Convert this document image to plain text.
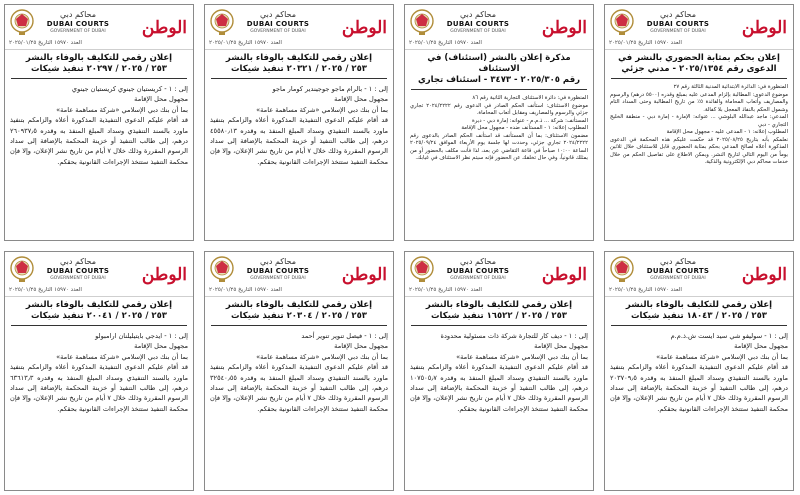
محاكم دبي
DUBAI COURTS
GOVERNMENT OF DUBAI	الوطن
العدد ١٥٩٧٠ التاريخ ٢٠٢٥/٠١/٢٥
إعلان بحكم بمثابة الحضوري بالنشر في
الدعوى رقم ٢٠٢٥/١٣٥٤ - مدني جزئي

المنظورة في: الدائرة الابتدائية المدنية الثالثة رقم ٢٧

موضوع الدعوى: المطالبة بإلزام المدعى عليه بمبلغ وقدره (٥٥٠٠ درهم) والرسوم والمصاريف وأتعاب المحاماة والفائدة ٥٪ من تاريخ المطالبة وحتى السداد التام وشمول الحكم بالنفاذ المعجل بلا كفالة.

المدعي: ماجد عبدالله البلوشي ... عنوانه: الإمارة - إمارة دبي - منطقة الخليج التجاري - دبي

المطلوب إعلانه: ١ - المدعى عليه - مجهول محل الإقامة

نعلمكم بأنه بتاريخ ٢٠٢٥/٠٨/٢٥ قد حكمت عليكم هذه المحكمة في الدعوى المذكورة أعلاه لصالح المدعي بحكم بمثابة الحضوري قابل للاستئناف خلال ثلاثين يوماً من اليوم التالي لتاريخ النشر. ويمكن الاطلاع على تفاصيل الحكم من خلال خدمات محاكم دبي الإلكترونية والذكية.

محاكم دبي
DUBAI COURTS
GOVERNMENT OF DUBAI	الوطن
العدد ١٥٩٧٠ التاريخ ٢٠٢٥/٠١/٢٥
مذكرة إعلان بالنشر (استئناف) في الاستئناف
رقم ٢٠٢٥/٣٠٥ - ٣٤٧٣ - استئناف تجاري

المنظورة في: دائرة الاستئناف التجارية الثانية رقم ٨٦

موضوع الاستئناف: استأنف الحكم الصادر في الدعوى رقم ٢٠٢٤/٢٢٢٢ تجاري جزئي والرسوم والمصاريف ومقابل أتعاب المحاماة.

المستأنف: شركة ... ذ.م.م - عنوانه: إمارة دبي - ديرة

المطلوب إعلانه: ١ - المستأنف ضده - مجهول محل الإقامة

مضمون الاستئناف: بما أن المستأنف قد استأنف الحكم الصادر بالدعوى رقم ٢٠٢٤/٢٢٢٢ تجاري جزئي، وحددت لها جلسة يوم الأربعاء الموافق ٢٠٢٥/٠٩/٢٤ الساعة ١٠:٠٠ صباحاً في قاعة التقاضي عن بعد، لذا فأنت مكلف بالحضور أو من يمثلك قانونياً، وفي حال تخلفك عن الحضور فإنه سيتم نظر الاستئناف في غيابك.

محاكم دبي
DUBAI COURTS
GOVERNMENT OF DUBAI	الوطن
العدد ١٥٩٧٠ التاريخ ٢٠٢٥/٠١/٢٥
إعلان رقمي للتكليف بالوفاء بالنشر
٢٥٣ / ٢٠٢٥ / ٢٠٣٢١ تنفيذ شيكات

إلى : ١ - بالرام ماجو جوجيندير كومار ماجو

مجهول محل الإقامة

بما أن بنك دبي الإسلامي «شركة مساهمة عامة»

قد أقام عليكم الدعوى التنفيذية المذكورة أعلاه والزامكم بتنفيذ ماورد بالسند التنفيذي وسداد المبلغ المنفذ به وقدره ٤٥٥٨٠٫١٣ درهم، إلى طالب التنفيذ أو خزينة المحكمة بالإضافة إلى سداد الرسوم المقررة وذلك خلال ٧ أيام من تاريخ نشر الإعلان، وإلا فإن محكمة التنفيذ ستتخذ الإجراءات القانونية بحقكم.

محاكم دبي
DUBAI COURTS
GOVERNMENT OF DUBAI	الوطن
العدد ١٥٩٧٠ التاريخ ٢٠٢٥/٠١/٢٥
إعلان رقمي للتكليف بالوفاء بالنشر
٢٥٣ / ٢٠٢٥ / ٢٠٢٩٧ تنفيذ شيكات

إلى : ١ - كريستيان جينوي كريستيان جينوي

مجهول محل الإقامة

بما أن بنك دبي الإسلامي «شركة مساهمة عامة»

قد أقام عليكم الدعوى التنفيذية المذكورة أعلاه والزامكم بتنفيذ ماورد بالسند التنفيذي وسداد المبلغ المنفذ به وقدره ٢٦٠٩٣٧٫٥ درهم، إلى طالب التنفيذ أو خزينة المحكمة بالإضافة إلى سداد الرسوم المقررة وذلك خلال ٧ أيام من تاريخ نشر الإعلان، وإلا فإن محكمة التنفيذ ستتخذ الإجراءات القانونية بحقكم.

محاكم دبي
DUBAI COURTS
GOVERNMENT OF DUBAI	الوطن
العدد ١٥٩٧٠ التاريخ ٢٠٢٥/٠١/٢٥
إعلان رقمي للتكليف بالوفاء بالنشر
٢٥٣ / ٢٠٢٥ / ١٨٠٤٣ تنفيذ شيكات

إلى : ١ - سوليفو شي سيد ايست ش.ذ.م.م

مجهول محل الإقامة

بما أن بنك دبي الإسلامي «شركة مساهمة عامة»

قد أقام عليكم الدعوى التنفيذية المذكورة أعلاه والزامكم بتنفيذ ماورد بالسند التنفيذي وسداد المبلغ المنفذ به وقدره ٢٠٣٧٠٩٫٥ درهم، إلى طالب التنفيذ أو خزينة المحكمة بالإضافة إلى سداد الرسوم المقررة وذلك خلال ٧ أيام من تاريخ نشر الإعلان، وإلا فإن محكمة التنفيذ ستتخذ الإجراءات القانونية بحقكم.

محاكم دبي
DUBAI COURTS
GOVERNMENT OF DUBAI	الوطن
العدد ١٥٩٧٠ التاريخ ٢٠٢٥/٠١/٢٥
إعلان رقمي للتكليف بالوفاء بالنشر
٢٥٣ / ٢٠٢٥ / ١٦٥٢٢ تنفيذ شيكات

إلى : ١ - ديف كار للتجارة شركة ذات مسئولية محدودة

مجهول محل الإقامة

بما أن بنك دبي الإسلامي «شركة مساهمة عامة»

قد أقام عليكم الدعوى التنفيذية المذكورة أعلاه والزامكم بتنفيذ ماورد بالسند التنفيذي وسداد المبلغ المنفذ به وقدره ١٠٧٥٠٥٫٧ درهم، إلى طالب التنفيذ أو خزينة المحكمة بالإضافة إلى سداد الرسوم المقررة وذلك خلال ٧ أيام من تاريخ نشر الإعلان، وإلا فإن محكمة التنفيذ ستتخذ الإجراءات القانونية بحقكم.

محاكم دبي
DUBAI COURTS
GOVERNMENT OF DUBAI	الوطن
العدد ١٥٩٧٠ التاريخ ٢٠٢٥/٠١/٢٥
إعلان رقمي للتكليف بالوفاء بالنشر
٢٥٣ / ٢٠٢٥ / ٢٠٣٠٤ تنفيذ شيكات

إلى : ١ - فيصل تنوير تنوير أحمد

مجهول محل الإقامة

بما أن بنك دبي الإسلامي «شركة مساهمة عامة»

قد أقام عليكم الدعوى التنفيذية المذكورة أعلاه والزامكم بتنفيذ ماورد بالسند التنفيذي وسداد المبلغ المنفذ به وقدره ٣٢٥٤٠٫٥٥ درهم، إلى طالب التنفيذ أو خزينة المحكمة بالإضافة إلى سداد الرسوم المقررة وذلك خلال ٧ أيام من تاريخ نشر الإعلان، وإلا فإن محكمة التنفيذ ستتخذ الإجراءات القانونية بحقكم.

محاكم دبي
DUBAI COURTS
GOVERNMENT OF DUBAI	الوطن
العدد ١٥٩٧٠ التاريخ ٢٠٢٥/٠١/٢٥
إعلان رقمي للتكليف بالوفاء بالنشر
٢٥٣ / ٢٠٢٥ / ٢٠٠٤١ تنفيذ شيكات

إلى : ١ - ايدجي بايتيليلنان ارامبولو

مجهول محل الإقامة

بما أن بنك دبي الإسلامي «شركة مساهمة عامة»

قد أقام عليكم الدعوى التنفيذية المذكورة أعلاه والزامكم بتنفيذ ماورد بالسند التنفيذي وسداد المبلغ المنفذ به وقدره ٦٣٦١٣٫٣ درهم، إلى طالب التنفيذ أو خزينة المحكمة بالإضافة إلى سداد الرسوم المقررة وذلك خلال ٧ أيام من تاريخ نشر الإعلان، وإلا فإن محكمة التنفيذ ستتخذ الإجراءات القانونية بحقكم.
